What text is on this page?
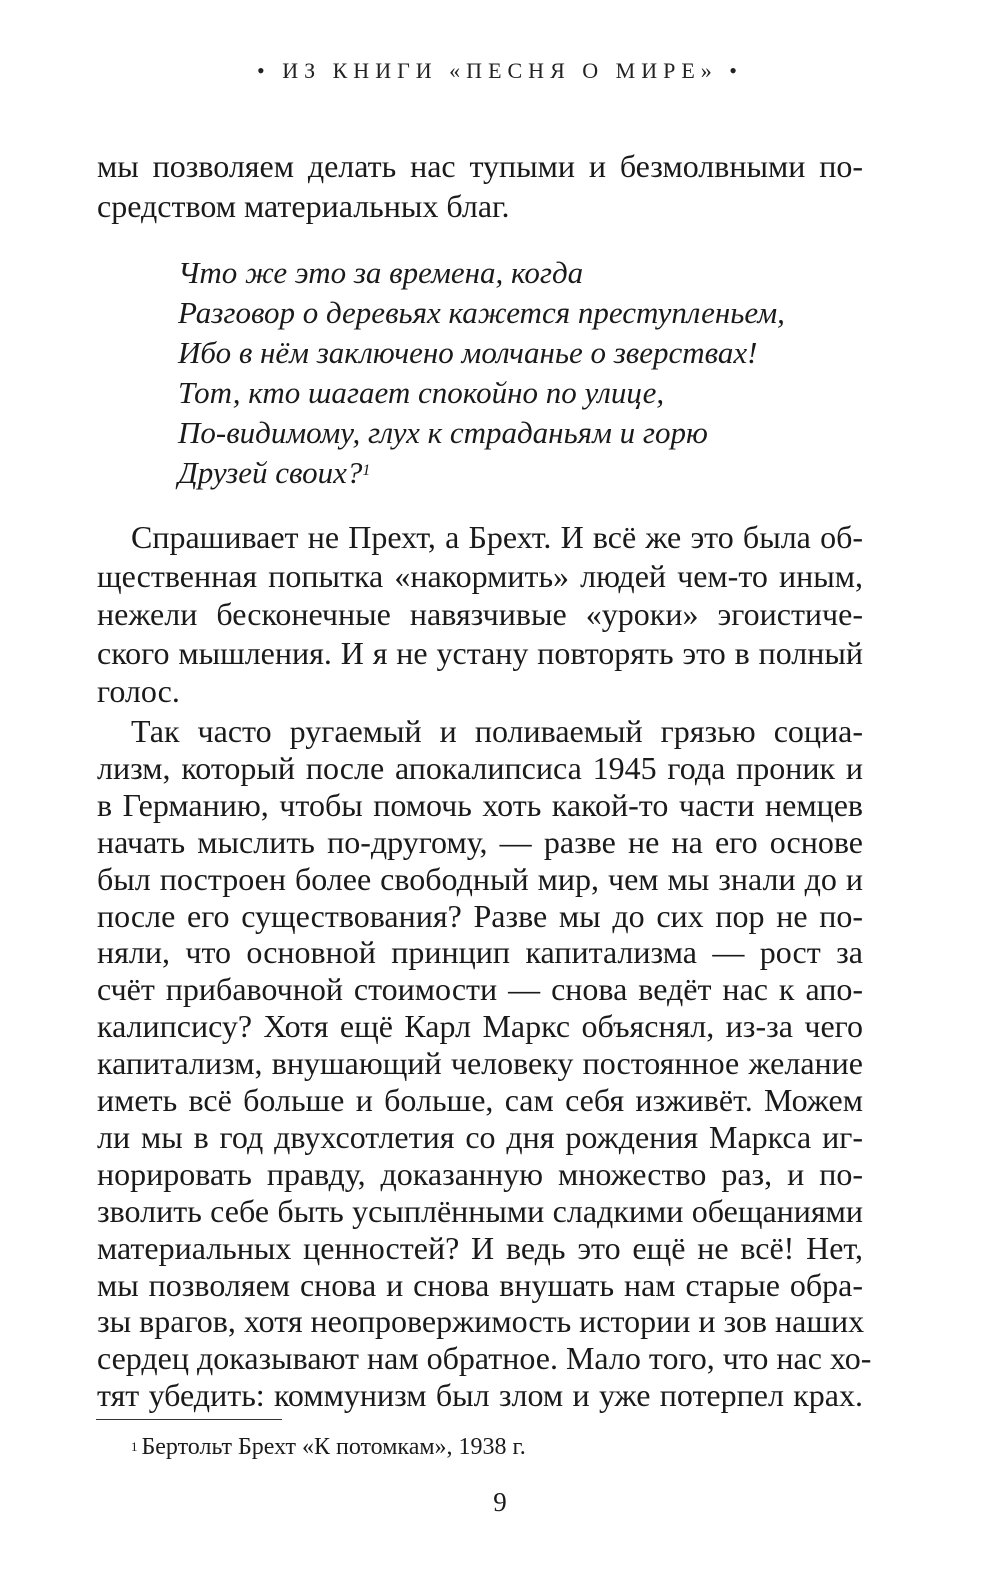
• ИЗ КНИГИ «ПЕСНЯ О МИРЕ» •
мы позволяем делать нас тупыми и безмолвными по-
средством материальных благ.
Что же это за времена, когда
Разговор о деревьях кажется преступленьем,
Ибо в нём заключено молчанье о зверствах!
Тот, кто шагает спокойно по улице,
По-видимому, глух к страданьям и горю
Друзей своих?$^1$
Спрашивает не Прехт, а Брехт. И всё же это была об-
щественная попытка «накормить» людей чем-то иным,
нежели бесконечные навязчивые «уроки» эгоистиче-
ского мышления. И я не устану повторять это в полный
голос.
Так часто ругаемый и поливаемый грязью социа-
лизм, который после апокалипсиса 1945 года проник и
в Германию, чтобы помочь хоть какой-то части немцев
начать мыслить по-другому, — разве не на его основе
был построен более свободный мир, чем мы знали до и
после его существования? Разве мы до сих пор не по-
няли, что основной принцип капитализма — рост за
счёт прибавочной стоимости — снова ведёт нас к апо-
калипсису? Хотя ещё Карл Маркс объяснял, из-за чего
капитализм, внушающий человеку постоянное желание
иметь всё больше и больше, сам себя изживёт. Можем
ли мы в год двухсотлетия со дня рождения Маркса иг-
норировать правду, доказанную множество раз, и по-
зволить себе быть усыплёнными сладкими обещаниями
материальных ценностей? И ведь это ещё не всё! Нет,
мы позволяем снова и снова внушать нам старые обра-
зы врагов, хотя неопровержимость истории и зов наших
сердец доказывают нам обратное. Мало того, что нас хо-
тят убедить: коммунизм был злом и уже потерпел крах.
$^1$ Бертольт Брехт «К потомкам», 1938 г.
9
